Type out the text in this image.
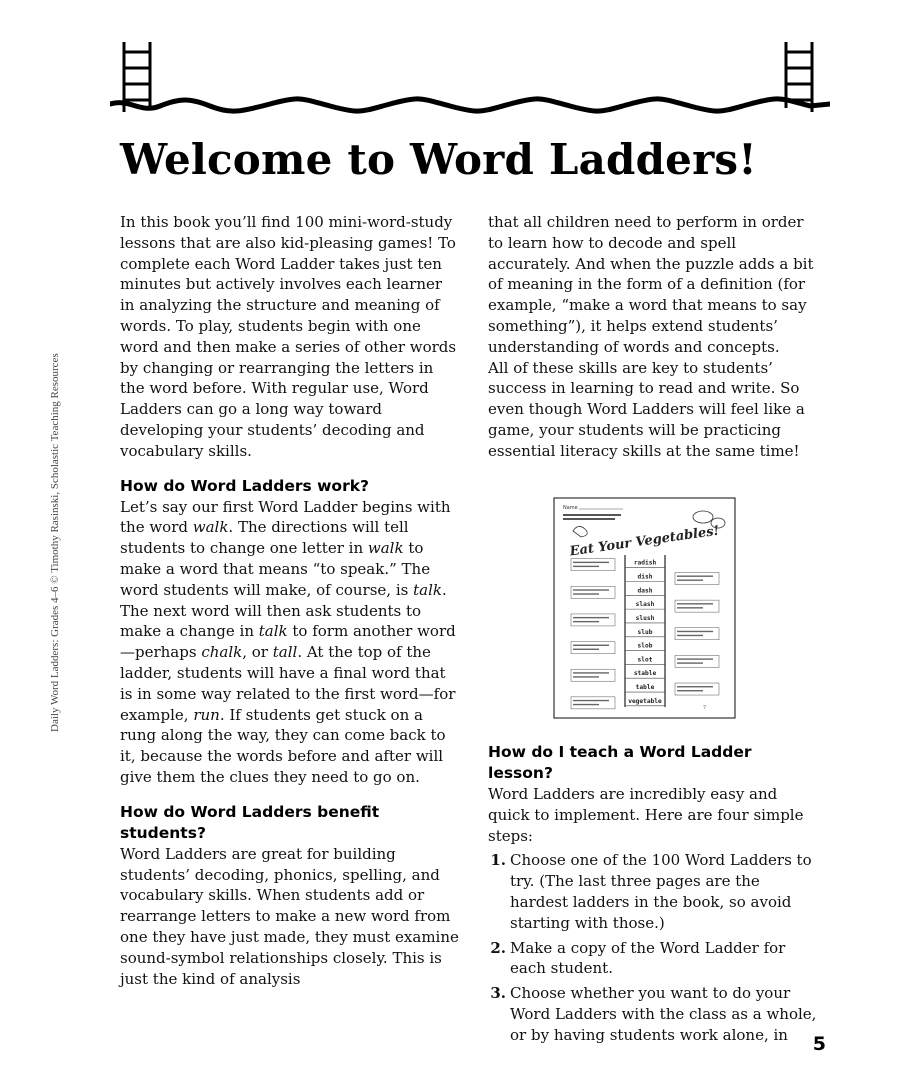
Daily Word Ladders: Grades 4–6 © Timothy Rasinski, Scholastic Teaching Resources
Welcome to Word Ladders!

In this book you’ll find 100 mini-word-study lessons that are also kid-pleasing games! To complete each Word Ladder takes just ten minutes but actively involves each learner in analyzing the structure and meaning of words. To play, students begin with one word and then make a series of other words by changing or rearranging the letters in the word before. With regular use, Word Ladders can go a long way toward developing your students’ decoding and vocabulary skills.

How do Word Ladders work?

Let’s say our first Word Ladder begins with the word walk. The directions will tell students to change one letter in walk to make a word that means “to speak.” The word students will make, of course, is talk. The next word will then ask students to make a change in talk to form another word—perhaps chalk, or tall. At the top of the ladder, students will have a final word that is in some way related to the first word—for example, run. If students get stuck on a rung along the way, they can come back to it, because the words before and after will give them the clues they need to go on.

How do Word Ladders benefit students?

Word Ladders are great for building students’ decoding, phonics, spelling, and vocabulary skills. When students add or rearrange letters to make a new word from one they have just made, they must examine sound-symbol relationships closely. This is just the kind of analysis

that all children need to perform in order to learn how to decode and spell accurately. And when the puzzle adds a bit of meaning in the form of a definition (for example, “make a word that means to say something”), it helps extend students’ understanding of words and concepts.

All of these skills are key to students’ success in learning to read and write. So even though Word Ladders will feel like a game, your students will be practicing essential literacy skills at the same time!

Name
Eat Your Vegetables!
radish
dish
dash
slash
slush
slub
slob
slot
stable
table
vegetable
7
How do I teach a Word Ladder lesson?

Word Ladders are incredibly easy and quick to implement. Here are four simple steps:

1. Choose one of the 100 Word Ladders to try. (The last three pages are the hardest ladders in the book, so avoid starting with those.)
2. Make a copy of the Word Ladder for each student.
3. Choose whether you want to do your Word Ladders with the class as a whole, or by having students work alone, in	5
